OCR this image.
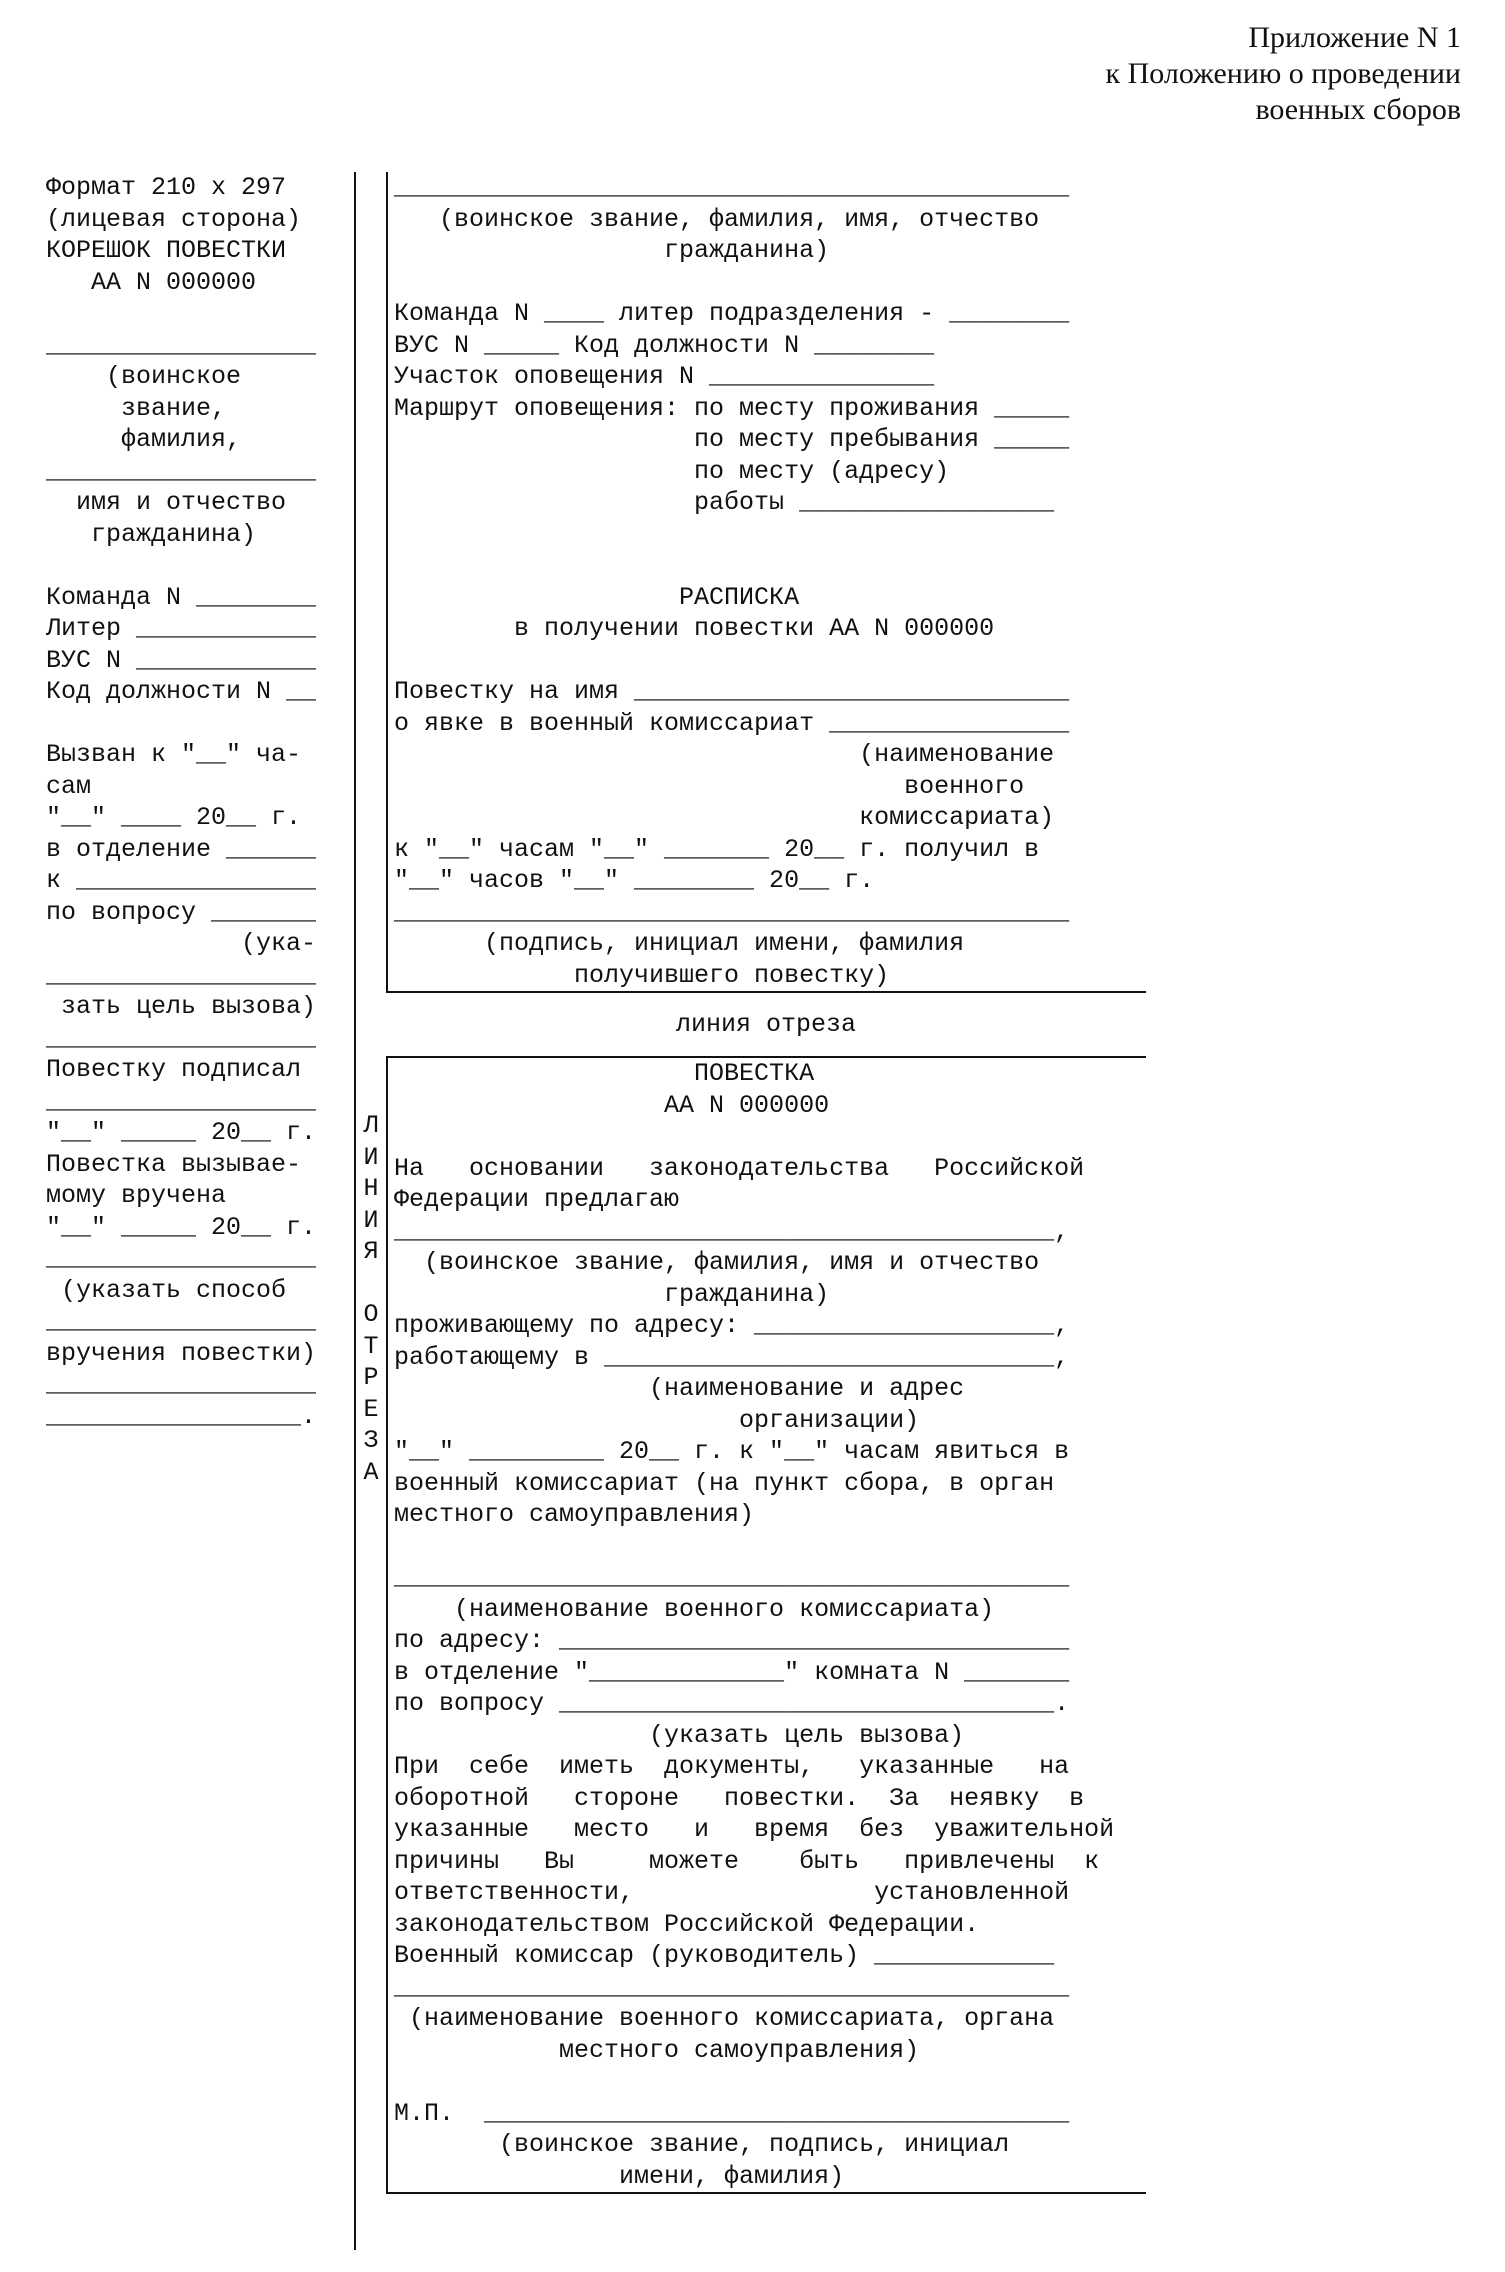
Приложение N 1
к Положению о проведении
военных сборов
Формат 210 х 297
(лицевая сторона)
КОРЕШОК ПОВЕСТКИ
АА N 000000

__________________
(воинское
звание,
фамилия,
__________________
имя и отчество
гражданина)

Команда N ________
Литер ____________
ВУС N ____________
Код должности N __

Вызван к "__" ча-
сам
"__" ____ 20__ г.
в отделение ______
к ________________
по вопросу _______
(ука-
__________________
зать цель вызова)
__________________
Повестку подписал
__________________
"__" _____ 20__ г.
Повестка вызывае-
мому вручена
"__" _____ 20__ г.
__________________
(указать способ
__________________
вручения повестки)
__________________
_________________.
Л
И
Н
И
Я
О
Т
Р
Е
З
А
_____________________________________________
(воинское звание, фамилия, имя, отчество
гражданина)

Команда N ____ литер подразделения - ________
ВУС N _____ Код должности N ________
Участок оповещения N _______________
Маршрут оповещения: по месту проживания _____
по месту пребывания _____
по месту (адресу)
работы _________________

РАСПИСКА
в получении повестки АА N 000000

Повестку на имя _____________________________
о явке в военный комиссариат ________________
(наименование
военного
комиссариата)
к "__" часам "__" _______ 20__ г. получил в
"__" часов "__" ________ 20__ г.
_____________________________________________
(подпись, инициал имени, фамилия
получившего повестку)
линия отреза
ПОВЕСТКА
АА N 000000

На   основании   законодательства   Российской
Федерации предлагаю
____________________________________________,
(воинское звание, фамилия, имя и отчество
гражданина)
проживающему по адресу: ____________________,
работающему в ______________________________,
(наименование и адрес
организации)
"__" _________ 20__ г. к "__" часам явиться в
военный комиссариат (на пункт сбора, в орган
местного самоуправления)

_____________________________________________
(наименование военного комиссариата)
по адресу: __________________________________
в отделение "_____________" комната N _______
по вопросу _________________________________.
(указать цель вызова)
При  себе  иметь  документы,   указанные   на
оборотной   стороне   повестки.  За  неявку  в
указанные   место   и   время  без  уважительной
причины   Вы     можете    быть   привлечены  к
ответственности,                установленной
законодательством Российской Федерации.
Военный комиссар (руководитель) ____________
_____________________________________________
(наименование военного комиссариата, органа
местного самоуправления)

М.П.  _______________________________________
(воинское звание, подпись, инициал
имени, фамилия)
